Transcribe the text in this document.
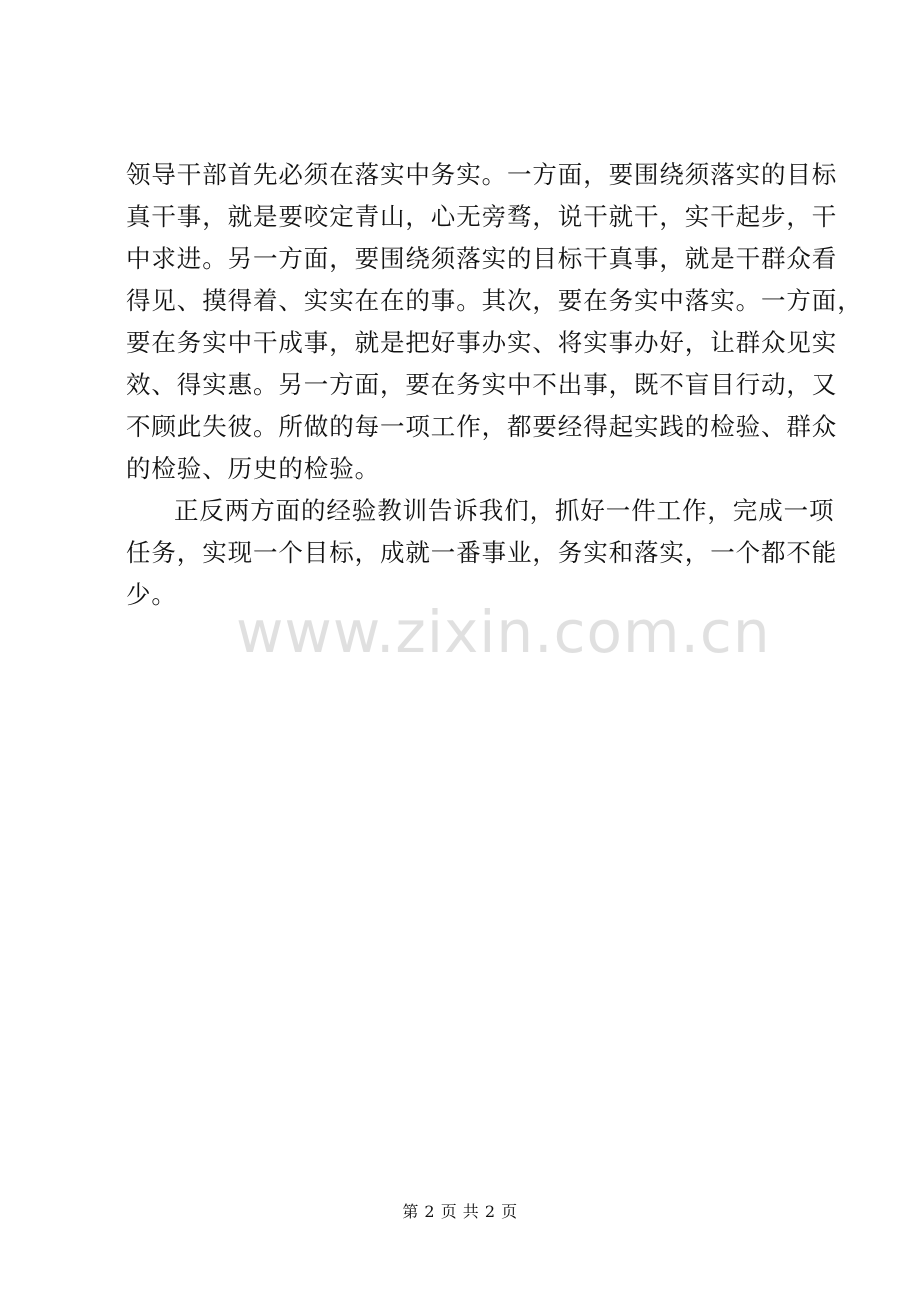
领导干部首先必须在落实中务实。一方面，要围绕须落实的目标
真干事，就是要咬定青山，心无旁骛，说干就干，实干起步，干
中求进。另一方面，要围绕须落实的目标干真事，就是干群众看
得见、摸得着、实实在在的事。其次，要在务实中落实。一方面，
要在务实中干成事，就是把好事办实、将实事办好，让群众见实
效、得实惠。另一方面，要在务实中不出事，既不盲目行动，又
不顾此失彼。所做的每一项工作，都要经得起实践的检验、群众
的检验、历史的检验。
正反两方面的经验教训告诉我们，抓好一件工作，完成一项
任务，实现一个目标，成就一番事业，务实和落实，一个都不能
少。
www.zixin.com.cn
第 2 页 共 2 页
